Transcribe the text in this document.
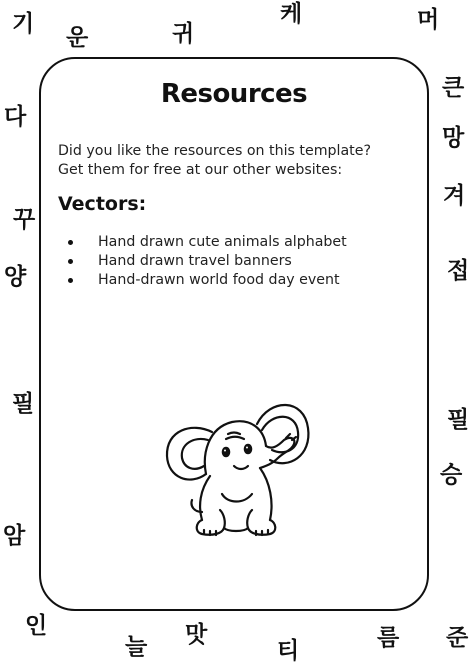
기
운	귀
케	머
다
큰
망
꾸
겨
양	접
필
필
승
암
인
늘 맛
티	름 준
Resources

Did you like the resources on this template?
Get them for free at our other websites:

Vectors:
Hand drawn cute animals alphabet
Hand drawn travel banners
Hand-drawn world food day event
